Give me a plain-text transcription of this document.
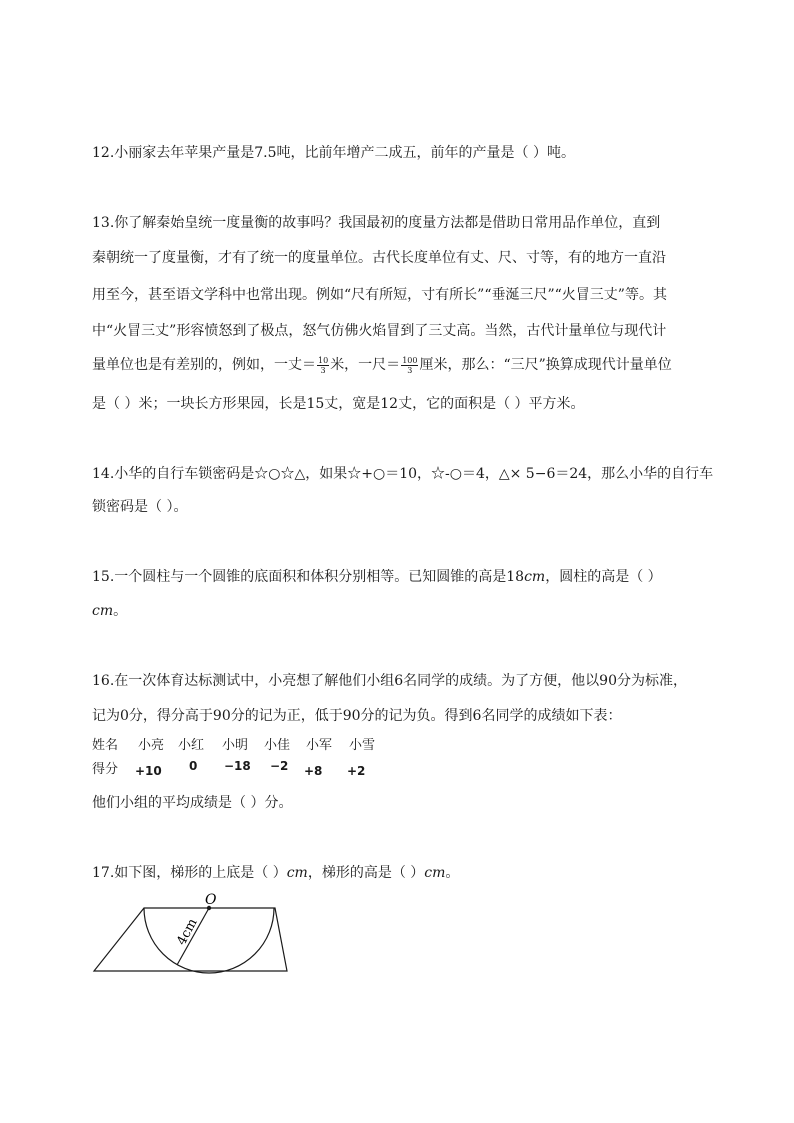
12.小丽家去年苹果产量是7.5吨，比前年增产二成五，前年的产量是（ ）吨。
13.你了解秦始皇统一度量衡的故事吗？我国最初的度量方法都是借助日常用品作单位，直到
秦朝统一了度量衡，才有了统一的度量单位。古代长度单位有丈、尺、寸等，有的地方一直沿
用至今，甚至语文学科中也常出现。例如“尺有所短，寸有所长”“垂涎三尺”“火冒三丈”等。其
中“火冒三丈”形容愤怒到了极点，怒气仿佛火焰冒到了三丈高。当然，古代计量单位与现代计
量单位也是有差别的，例如，一丈＝ $\frac{10}{3}$ 米，一尺＝ $\frac{100}{3}$ 厘米，那么：“三尺”换算成现代计量单位
是（ ）米；一块长方形果园，长是15丈，宽是12丈，它的面积是（ ）平方米。
14.小华的自行车锁密码是☆○☆△，如果☆+○＝10，☆-○＝4，△× 5−6＝24，那么小华的自行车
锁密码是（ ）。
15.一个圆柱与一个圆锥的底面积和体积分别相等。已知圆锥的高是18cm，圆柱的高是（ ）
cm。
16.在一次体育达标测试中，小亮想了解他们小组6名同学的成绩。为了方便，他以90分为标准，
记为0分，得分高于90分的记为正，低于90分的记为负。得到6名同学的成绩如下表：
姓名 小亮 小红 小明 小佳 小军 小雪
得分 +10 0 −18 −2 +8 +2
他们小组的平均成绩是（ ）分。
17.如下图，梯形的上底是（ ）cm，梯形的高是（ ）cm。
O
4cm
